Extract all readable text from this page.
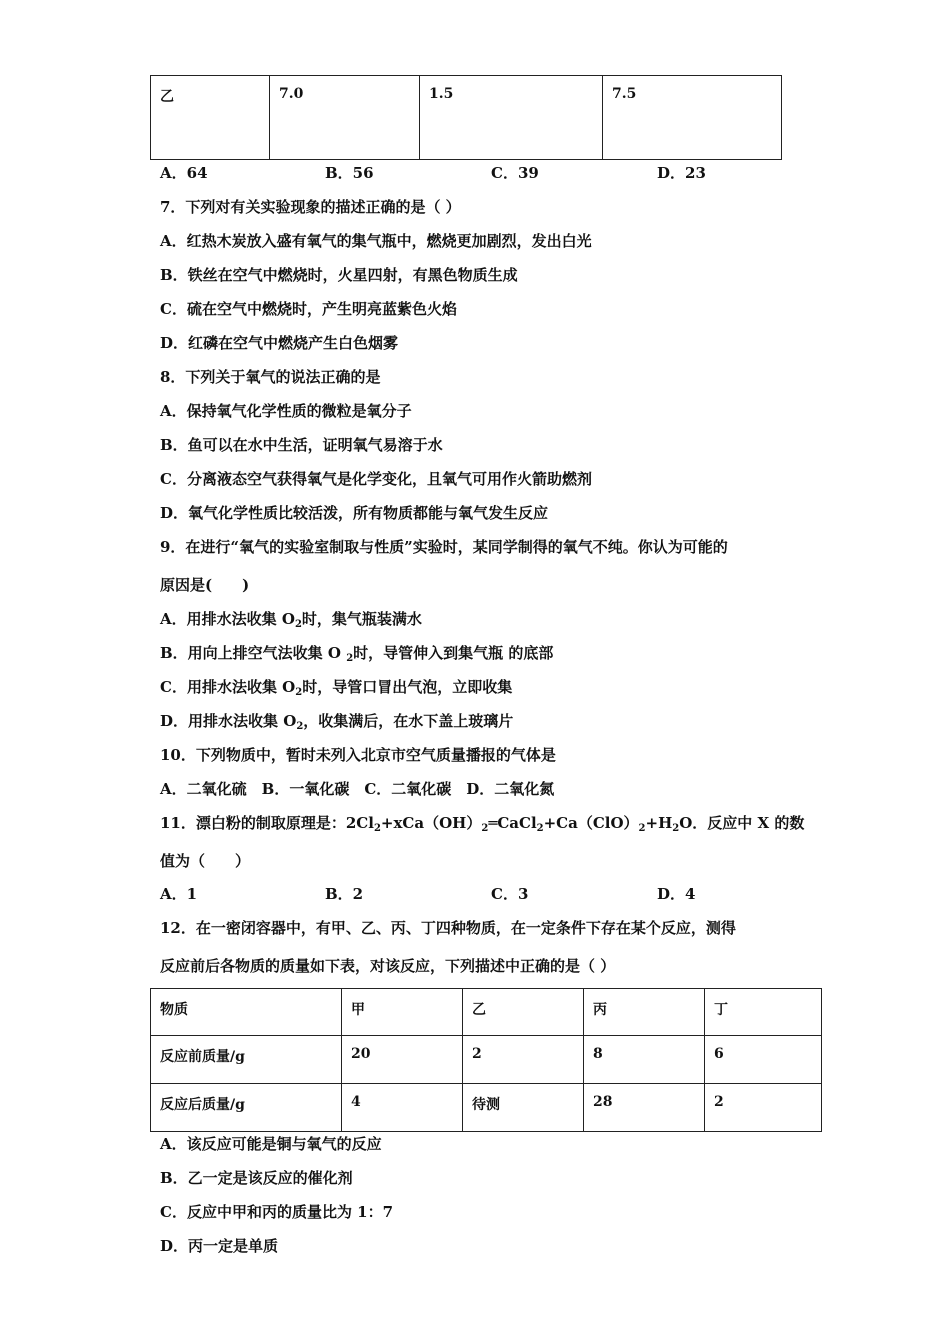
乙	7.0	1.5	7.5
A．64	B．56	C．39	D．23
7．下列对有关实验现象的描述正确的是（ ）
A．红热木炭放入盛有氧气的集气瓶中，燃烧更加剧烈，发出白光
B．铁丝在空气中燃烧时，火星四射，有黑色物质生成
C．硫在空气中燃烧时，产生明亮蓝紫色火焰
D．红磷在空气中燃烧产生白色烟雾
8．下列关于氧气的说法正确的是
A．保持氧气化学性质的微粒是氧分子
B．鱼可以在水中生活，证明氧气易溶于水
C．分离液态空气获得氧气是化学变化，且氧气可用作火箭助燃剂
D．氧气化学性质比较活泼，所有物质都能与氧气发生反应
9．在进行“氧气的实验室制取与性质”实验时，某同学制得的氧气不纯。你认为可能的
原因是(　　)
A．用排水法收集 $O_2$时，集气瓶装满水
B．用向上排空气法收集 O $_2$时，导管伸入到集气瓶 的底部
C．用排水法收集 $O_2$时，导管口冒出气泡，立即收集
D．用排水法收集 $O_2$，收集满后，在水下盖上玻璃片
10．下列物质中，暂时未列入北京市空气质量播报的气体是
A．二氧化硫　B．一氧化碳　C．二氧化碳　D．二氧化氮
11．漂白粉的制取原理是：$2Cl_2+xCa(OH)_2═CaCl_2+Ca(ClO)_2+H_2O$．反应中 X 的数
值为（　　）
A．1	B．2	C．3	D．4
12．在一密闭容器中，有甲、乙、丙、丁四种物质，在一定条件下存在某个反应，测得
反应前后各物质的质量如下表，对该反应，下列描述中正确的是（ ）
物质	甲	乙	丙	丁
反应前质量/g	20	2	8	6
反应后质量/g	4	待测	28	2
A．该反应可能是铜与氧气的反应
B．乙一定是该反应的催化剂
C．反应中甲和丙的质量比为 1：7
D．丙一定是单质
